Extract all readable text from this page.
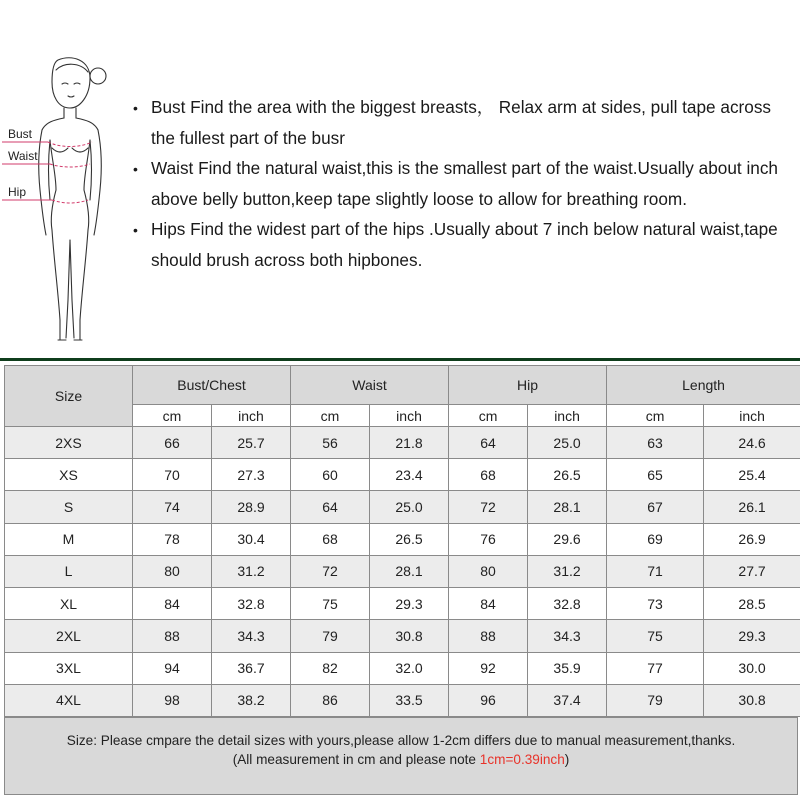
Bust
Waist
Hip
•
Bust Find the area with the biggest breasts， Relax arm at sides, pull tape across the fullest part of the busr
•
Waist Find the natural waist,this is the smallest part of the waist.Usually about inch above belly button,keep tape slightly loose to allow for breathing room.
•
Hips Find the widest part of the hips .Usually about 7 inch below natural waist,tape should brush across both hipbones.
Size	Bust/Chest		Waist		Hip		Length	
	cm	inch	cm	inch	cm	inch	cm	inch
2XS	66	25.7	56	21.8	64	25.0	63	24.6
XS	70	27.3	60	23.4	68	26.5	65	25.4
S	74	28.9	64	25.0	72	28.1	67	26.1
M	78	30.4	68	26.5	76	29.6	69	26.9
L	80	31.2	72	28.1	80	31.2	71	27.7
XL	84	32.8	75	29.3	84	32.8	73	28.5
2XL	88	34.3	79	30.8	88	34.3	75	29.3
3XL	94	36.7	82	32.0	92	35.9	77	30.0
4XL	98	38.2	86	33.5	96	37.4	79	30.8
Size: Please cmpare the detail sizes with yours,please allow 1-2cm differs due to manual measurement,thanks.
(All measurement in cm and please note 1cm=0.39inch)
